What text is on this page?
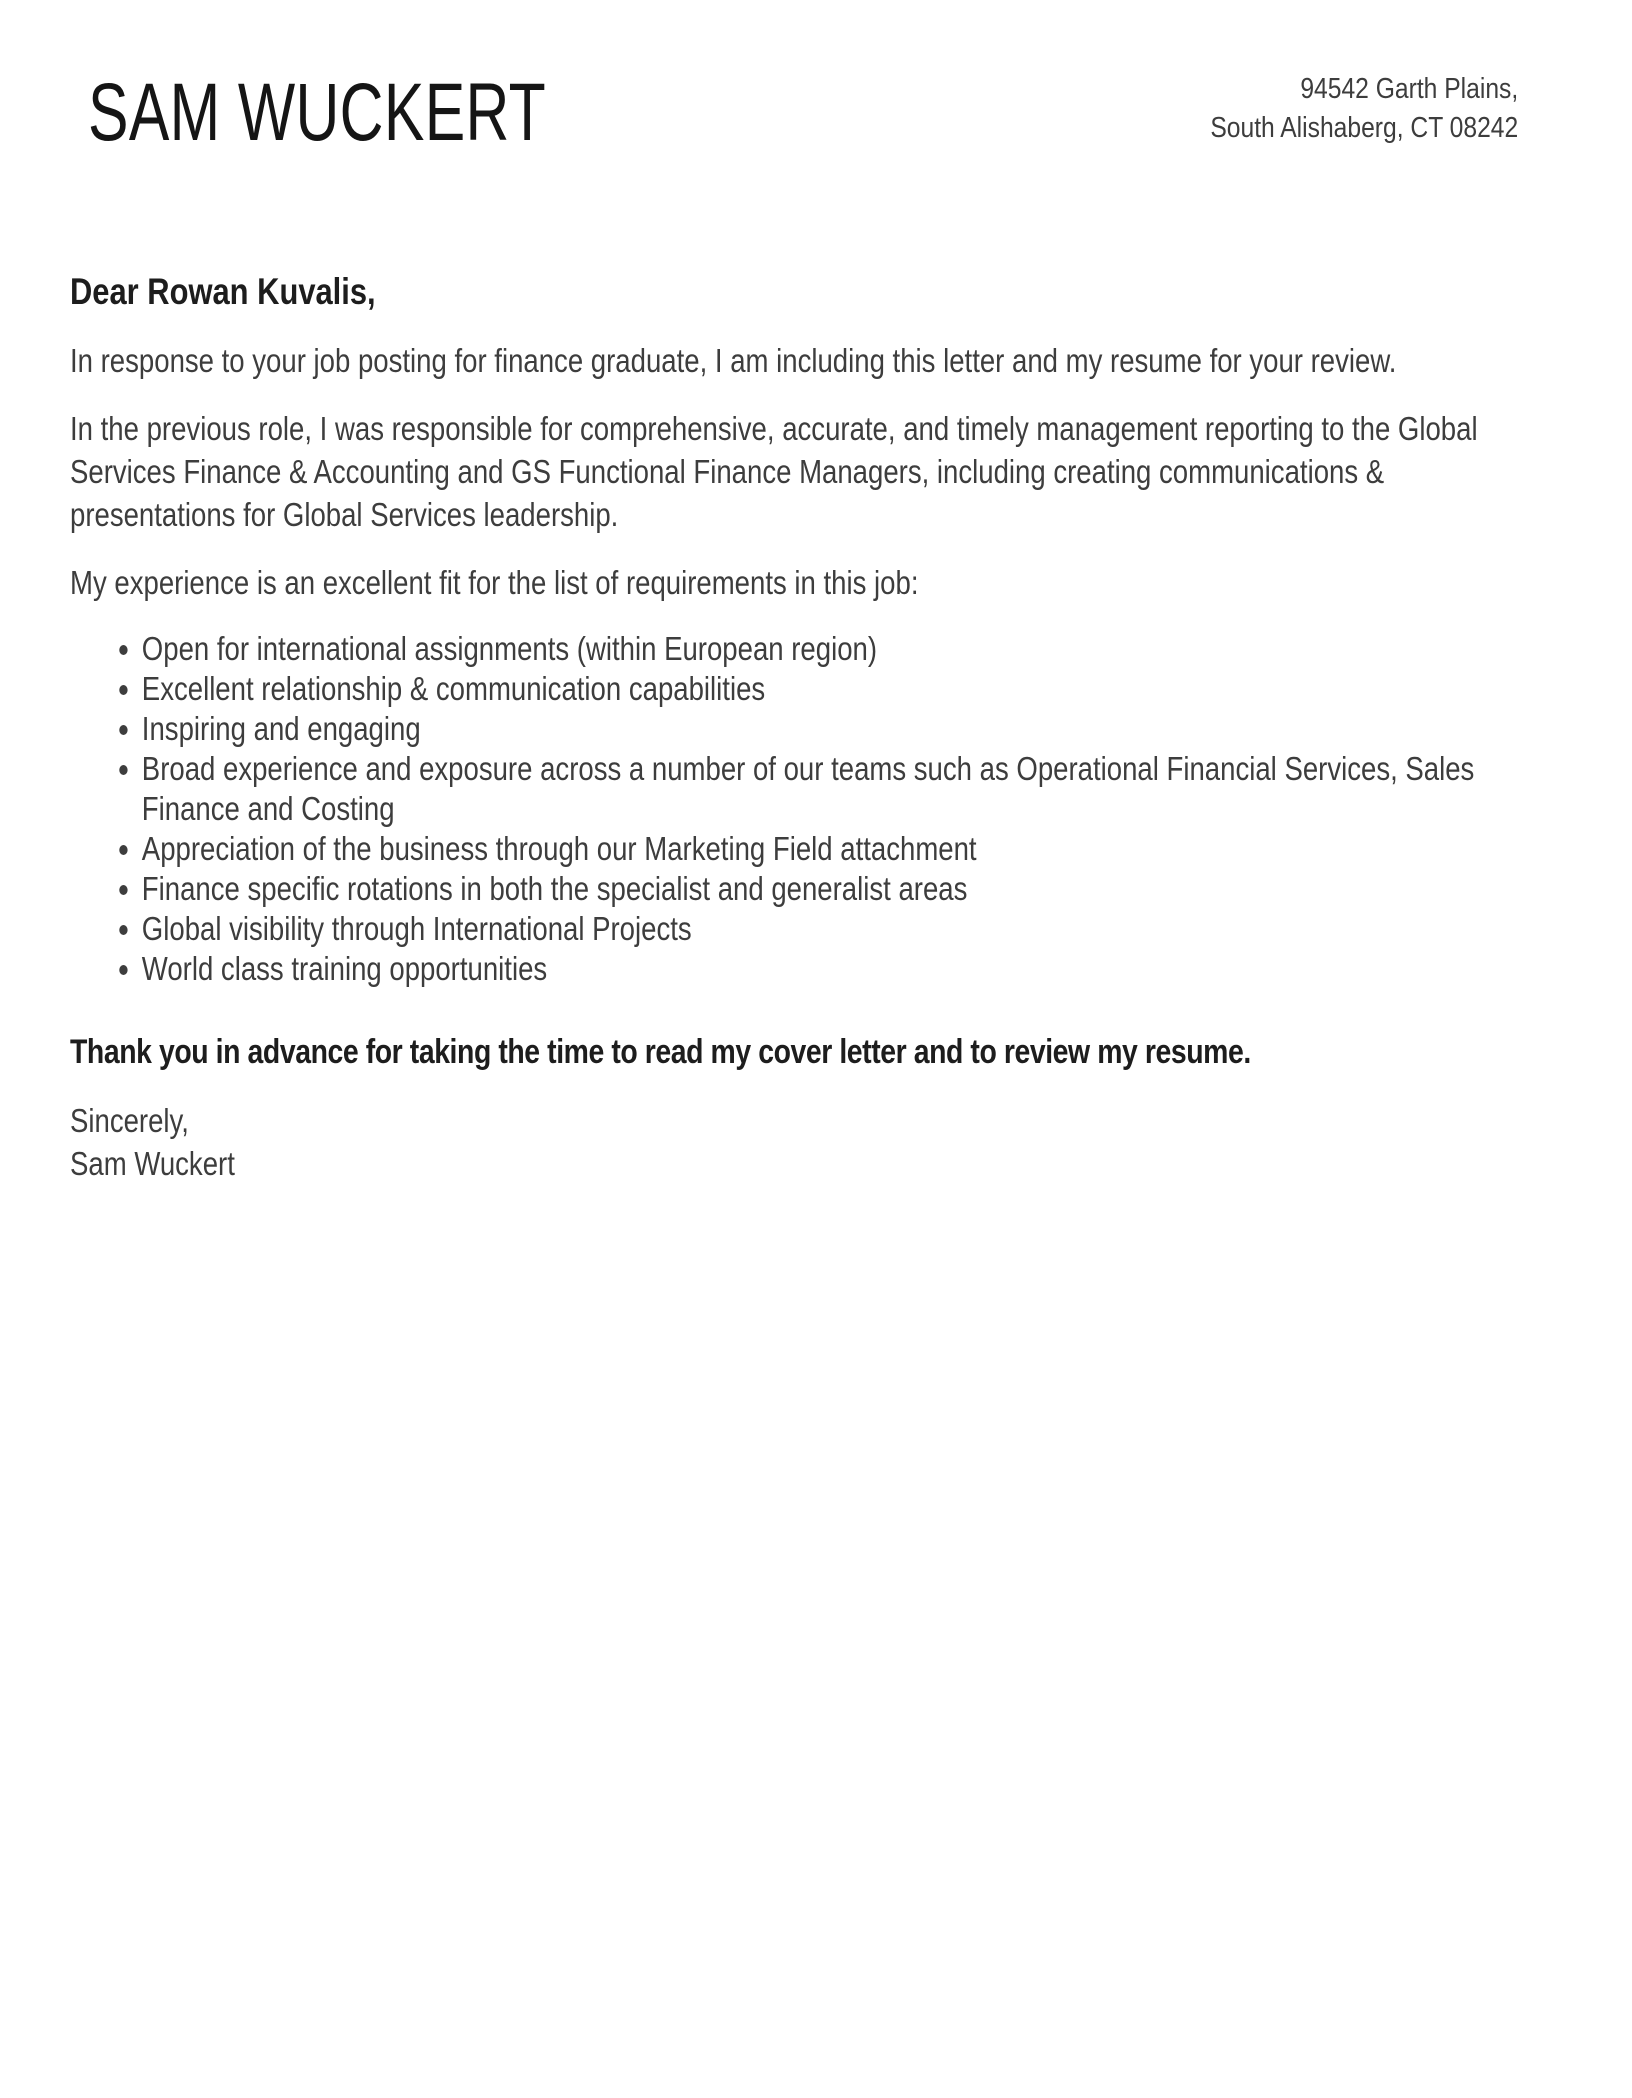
SAM WUCKERT	94542 Garth Plains,
South Alishaberg, CT 08242

Dear Rowan Kuvalis,

In response to your job posting for finance graduate, I am including this letter and my resume for your review.

In the previous role, I was responsible for comprehensive, accurate, and timely management reporting to the Global Services Finance & Accounting and GS Functional Finance Managers, including creating communications & presentations for Global Services leadership.

My experience is an excellent fit for the list of requirements in this job:

• Open for international assignments (within European region)
• Excellent relationship & communication capabilities
• Inspiring and engaging
• Broad experience and exposure across a number of our teams such as Operational Financial Services, Sales Finance and Costing
• Appreciation of the business through our Marketing Field attachment
• Finance specific rotations in both the specialist and generalist areas
• Global visibility through International Projects
• World class training opportunities

Thank you in advance for taking the time to read my cover letter and to review my resume.

Sincerely,
Sam Wuckert
